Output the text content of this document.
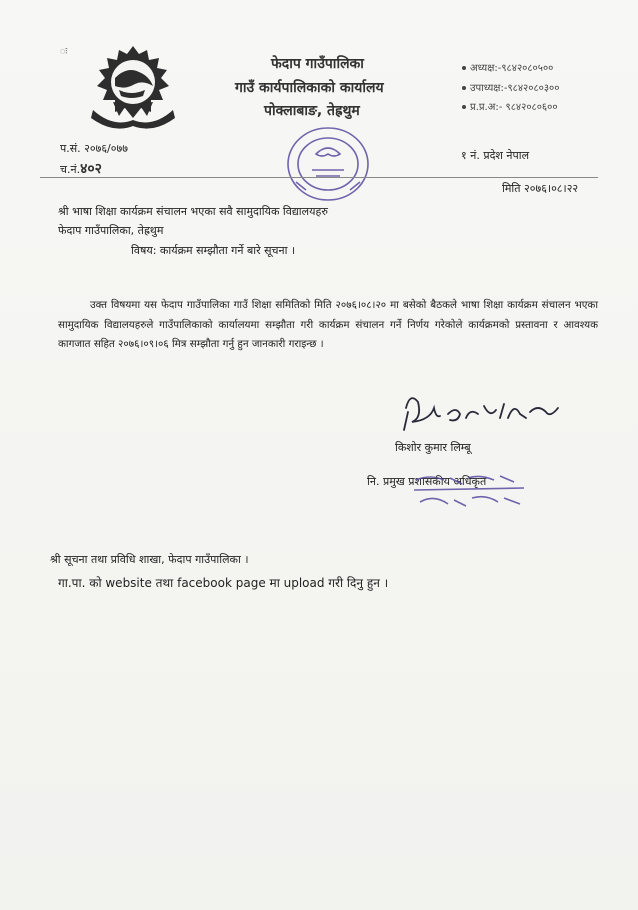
ः
फेदाप गाउँपालिका
गाउँ कार्यपालिकाको कार्यालय
पोक्लाबाङ, तेह्रथुम
अध्यक्ष:-९८४२०८०५००
उपाध्यक्ष:-९८४२०८०३००
प्र.प्र.अ:- ९८४२०८०६००
प.सं. २०७६/०७७
च.नं.४०२
१ नं. प्रदेश नेपाल
मिति २०७६।०८।२२
श्री भाषा शिक्षा कार्यक्रम संचालन भएका सवै सामुदायिक विद्यालयहरु
फेदाप गाउँपालिका, तेह्रथुम
विषय: कार्यक्रम सम्झौता गर्ने बारे सूचना ।
उक्त विषयमा यस फेदाप गाउँपालिका गाउँ शिक्षा समितिको मिति २०७६।०८।२० मा बसेको बैठकले भाषा शिक्षा कार्यक्रम संचालन भएका सामुदायिक विद्यालयहरुले गाउँपालिकाको कार्यालयमा सम्झौता गरी कार्यक्रम संचालन गर्ने निर्णय गरेकोले कार्यक्रमको प्रस्तावना र आवश्यक कागजात सहित २०७६।०९।०६ मित्र सम्झौता गर्नु हुन जानकारी गराइन्छ ।
किशोर कुमार लिम्बू
नि. प्रमुख प्रशासकीय अधिकृत
श्री सूचना तथा प्रविधि शाखा, फेदाप गाउँपालिका ।
गा.पा. को website तथा facebook page मा upload गरी दिनु हुन ।
